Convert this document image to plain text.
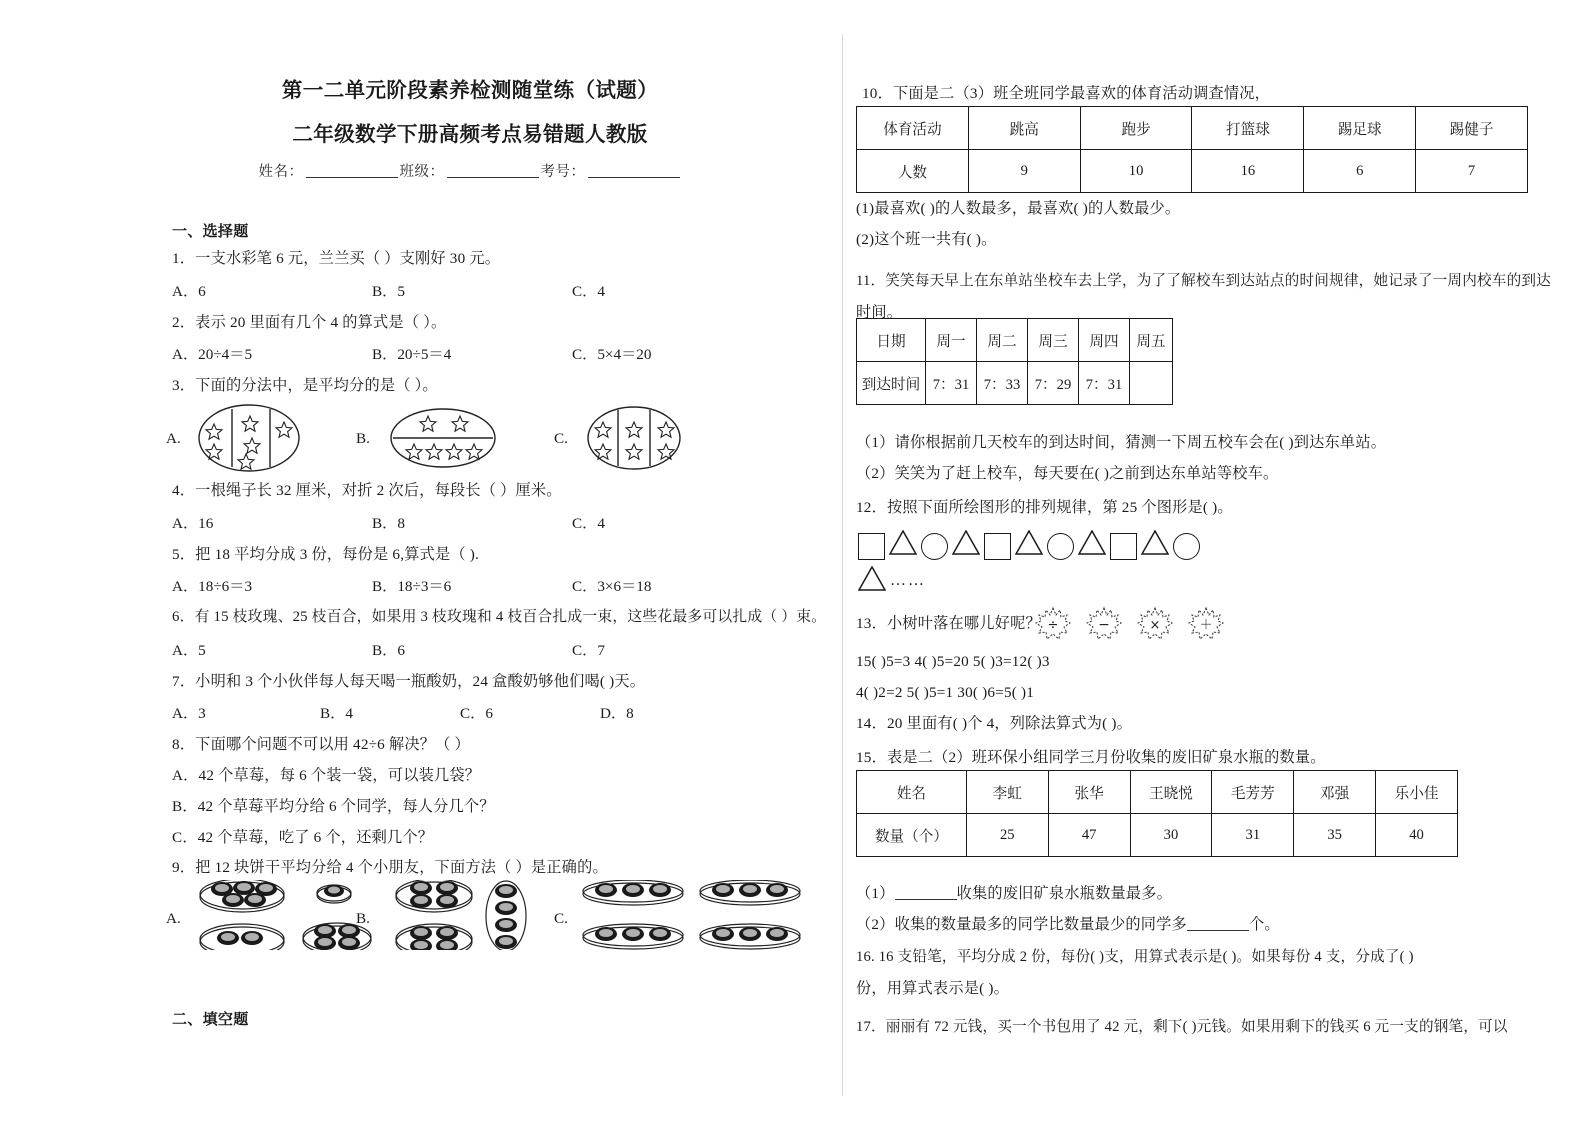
第一二单元阶段素养检测随堂练（试题）
二年级数学下册高频考点易错题人教版
姓名：	班级：	考号：
一、选择题
1．一支水彩笔 6 元，兰兰买（ ）支刚好 30 元。
A．6	B．5	C．4
2．表示 20 里面有几个 4 的算式是（ ）。
A．20÷4＝5	B．20÷5＝4	C．5×4＝20
3．下面的分法中，是平均分的是（ ）。
A.	B.	C.
4．一根绳子长 32 厘米，对折 2 次后，每段长（ ）厘米。
A．16	B．8	C．4
5．把 18 平均分成 3 份，每份是 6,算式是（ ).
A．18÷6＝3	B．18÷3＝6	C．3×6＝18
6．有 15 枝玫瑰、25 枝百合，如果用 3 枝玫瑰和 4 枝百合扎成一束，这些花最多可以扎成（ ）束。
A．5	B．6	C．7
7．小明和 3 个小伙伴每人每天喝一瓶酸奶，24 盒酸奶够他们喝( )天。
A．3	B．4	C．6	D．8
8．下面哪个问题不可以用 42÷6 解决？（ ）
A．42 个草莓，每 6 个装一袋，可以装几袋？
B．42 个草莓平均分给 6 个同学，每人分几个？
C．42 个草莓，吃了 6 个，还剩几个？
9．把 12 块饼干平均分给 4 个小朋友，下面方法（ ）是正确的。
A.	B.	C.
二、填空题
10．下面是二（3）班全班同学最喜欢的体育活动调查情况，
体育活动	跳高	跑步	打篮球	踢足球	踢健子
人数	9	10	16	6	7
(1)最喜欢( )的人数最多，最喜欢( )的人数最少。
(2)这个班一共有( )。
11．笑笑每天早上在东单站坐校车去上学，为了了解校车到达站点的时间规律，她记录了一周内校车的到达
时间。
日期	周一	周二	周三	周四	周五
到达时间	7：31	7：33	7：29	7：31	
（1）请你根据前几天校车的到达时间，猜测一下周五校车会在( )到达东单站。
（2）笑笑为了赶上校车，每天要在( )之前到达东单站等校车。
12．按照下面所绘图形的排列规律，第 25 个图形是( )。
……
13．小树叶落在哪儿好呢？ ÷	−	×	＋
15( )5=3 4( )5=20 5( )3=12( )3
4( )2=2 5( )5=1 30( )6=5( )1
14．20 里面有( )个 4，列除法算式为( )。
15．表是二（2）班环保小组同学三月份收集的废旧矿泉水瓶的数量。
姓名	李虹	张华	王晓悦	毛芳芳	邓强	乐小佳
数量（个）	25	47	30	31	35	40
（1）	收集的废旧矿泉水瓶数量最多。
（2）收集的数量最多的同学比数量最少的同学多	个。
16. 16 支铅笔，平均分成 2 份，每份( )支，用算式表示是( )。如果每份 4 支，分成了( )
份，用算式表示是( )。
17．丽丽有 72 元钱，买一个书包用了 42 元，剩下( )元钱。如果用剩下的钱买 6 元一支的钢笔，可以
